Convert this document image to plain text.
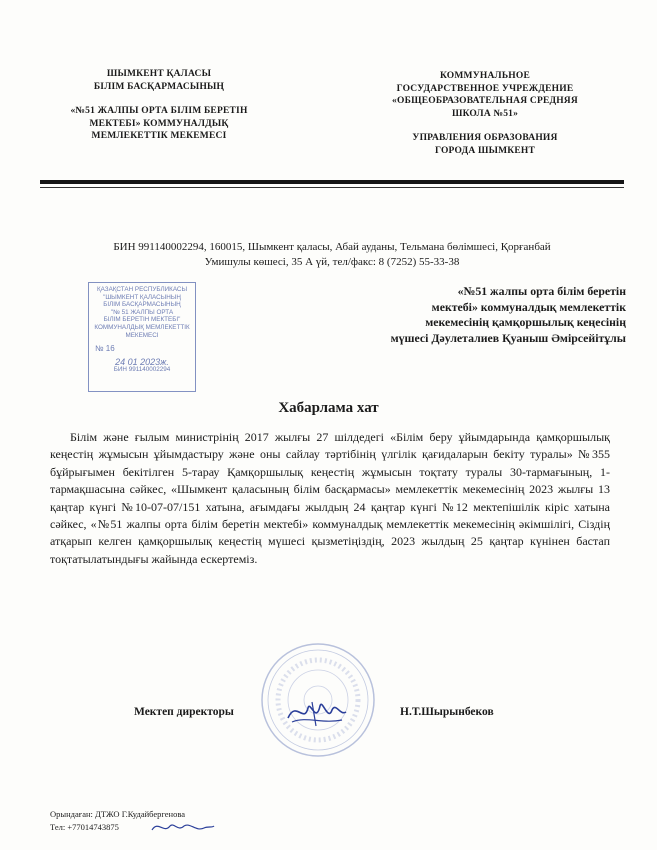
ШЫМКЕНТ ҚАЛАСЫ
БІЛІМ БАСҚАРМАСЫНЫҢ
«№51 ЖАЛПЫ ОРТА БІЛІМ БЕРЕТІН
МЕКТЕБІ» КОММУНАЛДЫҚ
МЕМЛЕКЕТТІК МЕКЕМЕСІ
КОММУНАЛЬНОЕ
ГОСУДАРСТВЕННОЕ УЧРЕЖДЕНИЕ
«ОБЩЕОБРАЗОВАТЕЛЬНАЯ СРЕДНЯЯ
ШКОЛА №51»
УПРАВЛЕНИЯ ОБРАЗОВАНИЯ
ГОРОДА ШЫМКЕНТ
БИН 991140002294, 160015, Шымкент қаласы, Абай ауданы, Тельмана бөлімшесі, Қорғанбай
Умишулы көшесі, 35 А үй, тел/факс: 8 (7252) 55-33-38
ҚАЗАҚСТАН РЕСПУБЛИКАСЫ
"ШЫМКЕНТ ҚАЛАСЫНЫҢ
БІЛІМ БАСҚАРМАСЫНЫҢ
"№ 51 ЖАЛПЫ ОРТА
БІЛІМ БЕРЕТІН МЕКТЕБІ"
КОММУНАЛДЫҚ МЕМЛЕКЕТТІК
МЕКЕМЕСІ
№ 16
24 01 2023ж.
БИН 991140002294
«№51 жалпы орта білім беретін
мектебі» коммуналдық мемлекеттік
мекемесінің қамқоршылық кеңесінің
мүшесі Дәулеталиев Қуаныш Әмірсейітұлы
Хабарлама хат
Білім және ғылым министрінің 2017 жылғы 27 шілдедегі «Білім беру ұйымдарында қамқоршылық кеңестің жұмысын ұйымдастыру және оны сайлау тәртібінің үлгілік қағидаларын бекіту туралы» №355 бұйрығымен бекітілген 5-тарау Қамқоршылық кеңестің жұмысын тоқтату туралы 30-тармағының, 1-тармақшасына сәйкес, «Шымкент қаласының білім басқармасы» мемлекеттік мекемесінің 2023 жылғы 13 қаңтар күнгі №10-07-07/151 хатына, ағымдағы жылдың 24 қаңтар күнгі №12 мектепішілік кіріс хатына сәйкес, «№51 жалпы орта білім беретін мектебі» коммуналдық мемлекеттік мекемесінің әкімшілігі, Сіздің атқарып келген қамқоршылық кеңестің мүшесі қызметіңіздің, 2023 жылдың 25 қаңтар күнінен бастап тоқтатылатындығы жайында ескертеміз.
Мектеп директоры	Н.Т.Шырынбеков
Орындаған: ДТЖО Г.Кудайбергенова
Тел: +77014743875
